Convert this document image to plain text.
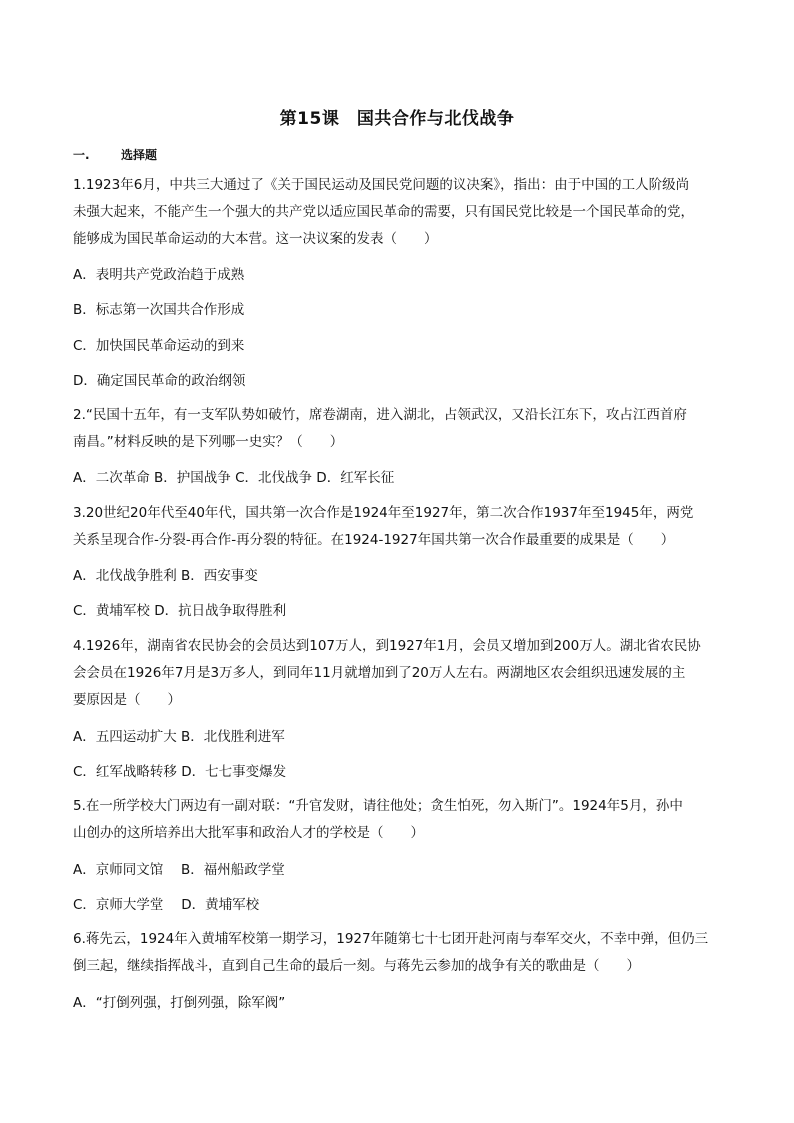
第15课　国共合作与北伐战争
一.	选择题
1.1923年6月，中共三大通过了《关于国民运动及国民党问题的议决案》，指出：由于中国的工人阶级尚
未强大起来，不能产生一个强大的共产党以适应国民革命的需要，只有国民党比较是一个国民革命的党，
能够成为国民革命运动的大本营。这一决议案的发表（　　）
A．表明共产党政治趋于成熟
B．标志第一次国共合作形成
C．加快国民革命运动的到来
D．确定国民革命的政治纲领
2.“民国十五年，有一支军队势如破竹，席卷湖南，进入湖北，占领武汉，又沿长江东下，攻占江西首府
南昌。”材料反映的是下列哪一史实？（　　）
A．二次革命 B．护国战争 C．北伐战争 D．红军长征
3.20世纪20年代至40年代，国共第一次合作是1924年至1927年，第二次合作1937年至1945年，两党
关系呈现合作-分裂-再合作-再分裂的特征。在1924-1927年国共第一次合作最重要的成果是（　　）
A．北伐战争胜利 B．西安事变
C．黄埔军校 D．抗日战争取得胜利
4.1926年，湖南省农民协会的会员达到107万人，到1927年1月，会员又增加到200万人。湖北省农民协
会会员在1926年7月是3万多人，到同年11月就增加到了20万人左右。两湖地区农会组织迅速发展的主
要原因是（　　）
A．五四运动扩大 B．北伐胜利进军
C．红军战略转移 D．七七事变爆发
5.在一所学校大门两边有一副对联：“升官发财，请往他处；贪生怕死，勿入斯门”。1924年5月，孙中
山创办的这所培养出大批军事和政治人才的学校是（　　）
A．京师同文馆　 B．福州船政学堂
C．京师大学堂　 D．黄埔军校
6.蒋先云，1924年入黄埔军校第一期学习，1927年随第七十七团开赴河南与奉军交火，不幸中弹，但仍三
倒三起，继续指挥战斗，直到自己生命的最后一刻。与蒋先云参加的战争有关的歌曲是（　　）
A．“打倒列强，打倒列强，除军阀”
